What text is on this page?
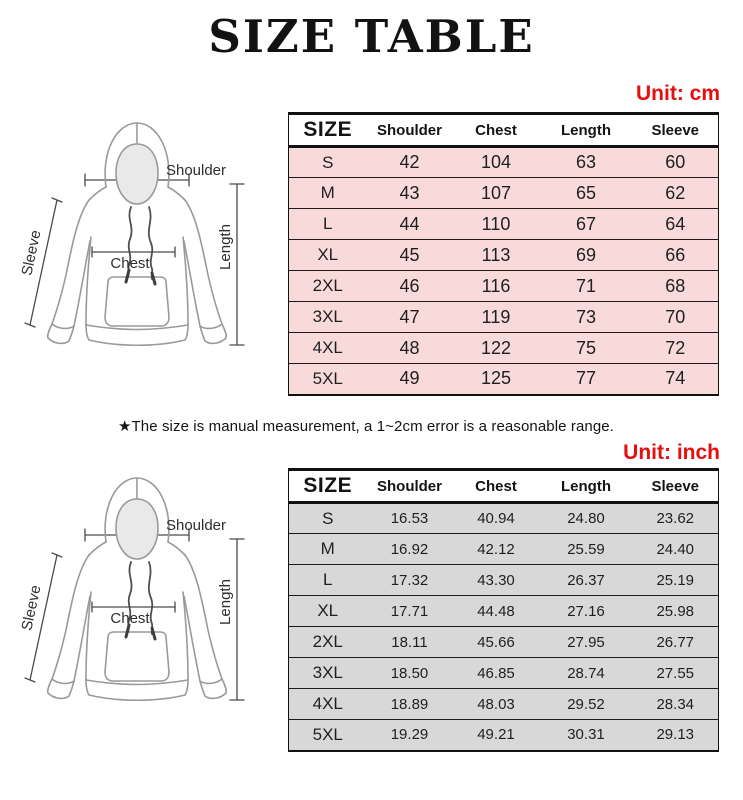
SIZE TABLE
Unit: cm
SIZE	Shoulder	Chest	Length	Sleeve
S	42	104	63	60
M	43	107	65	62
L	44	110	67	64
XL	45	113	69	66
2XL	46	116	71	68
3XL	47	119	73	70
4XL	48	122	75	72
5XL	49	125	77	74
Shoulder
Chest	Length
Sleeve

★The size is manual measurement, a 1~2cm error is a reasonable range.

Unit: inch
SIZE	Shoulder	Chest	Length	Sleeve
S	16.53	40.94	24.80	23.62
M	16.92	42.12	25.59	24.40
L	17.32	43.30	26.37	25.19
XL	17.71	44.48	27.16	25.98
2XL	18.11	45.66	27.95	26.77
3XL	18.50	46.85	28.74	27.55
4XL	18.89	48.03	29.52	28.34
5XL	19.29	49.21	30.31	29.13
Shoulder
Chest	Length
Sleeve
